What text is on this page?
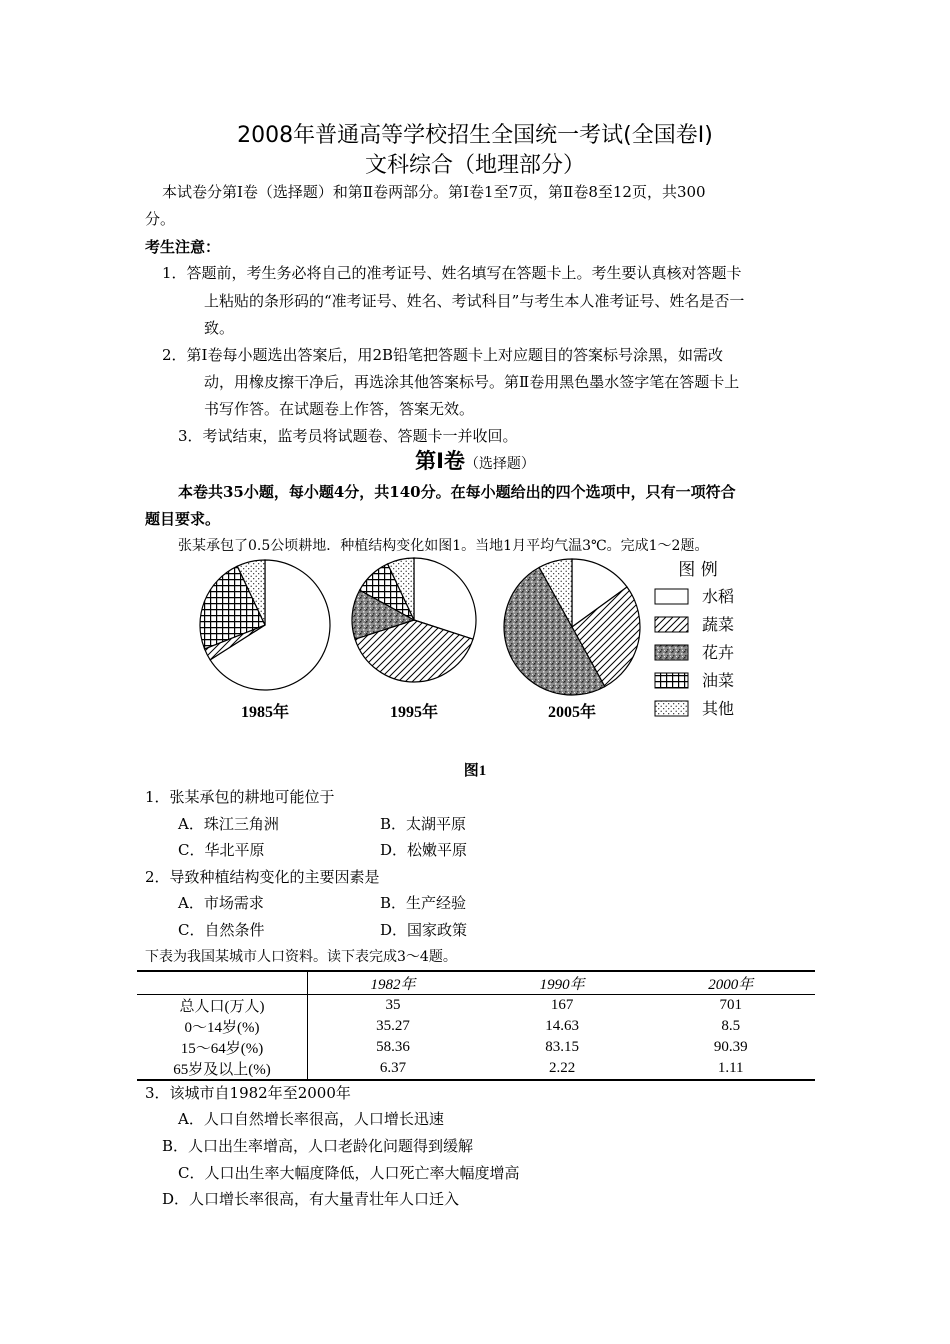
2008年普通高等学校招生全国统一考试(全国卷Ⅰ)
文科综合（地理部分）
本试卷分第Ⅰ卷（选择题）和第Ⅱ卷两部分。第Ⅰ卷1至7页，第Ⅱ卷8至12页，共300
分。
考生注意：
1．答题前，考生务必将自己的准考证号、姓名填写在答题卡上。考生要认真核对答题卡
上粘贴的条形码的“准考证号、姓名、考试科目”与考生本人准考证号、姓名是否一
致。
2．第Ⅰ卷每小题选出答案后，用2B铅笔把答题卡上对应题目的答案标号涂黑，如需改
动，用橡皮擦干净后，再选涂其他答案标号。第Ⅱ卷用黑色墨水签字笔在答题卡上
书写作答。在试题卷上作答，答案无效。
3．考试结束，监考员将试题卷、答题卡一并收回。
第Ⅰ卷（选择题）
本卷共35小题，每小题4分，共140分。在每小题给出的四个选项中，只有一项符合
题目要求。
张某承包了0.5公顷耕地．种植结构变化如图1。当地1月平均气温3℃。完成1～2题。
1985年	1995年	2005年
图 例
水稻
蔬菜
花卉
油菜
其他
图1
1．张某承包的耕地可能位于
A．珠江三角洲	B．太湖平原
C．华北平原	D．松嫩平原
2．导致种植结构变化的主要因素是
A．市场需求	B．生产经验
C．自然条件	D．国家政策
下表为我国某城市人口资料。读下表完成3～4题。
	1982年	1990年	2000年
总人口(万人)	35	167	701
0～14岁(%)	35.27	14.63	8.5
15～64岁(%)	58.36	83.15	90.39
65岁及以上(%)	6.37	2.22	1.11
3．该城市自1982年至2000年
A．人口自然增长率很高，人口增长迅速
B．人口出生率增高，人口老龄化问题得到缓解
C．人口出生率大幅度降低，人口死亡率大幅度增高
D．人口增长率很高，有大量青壮年人口迁入
